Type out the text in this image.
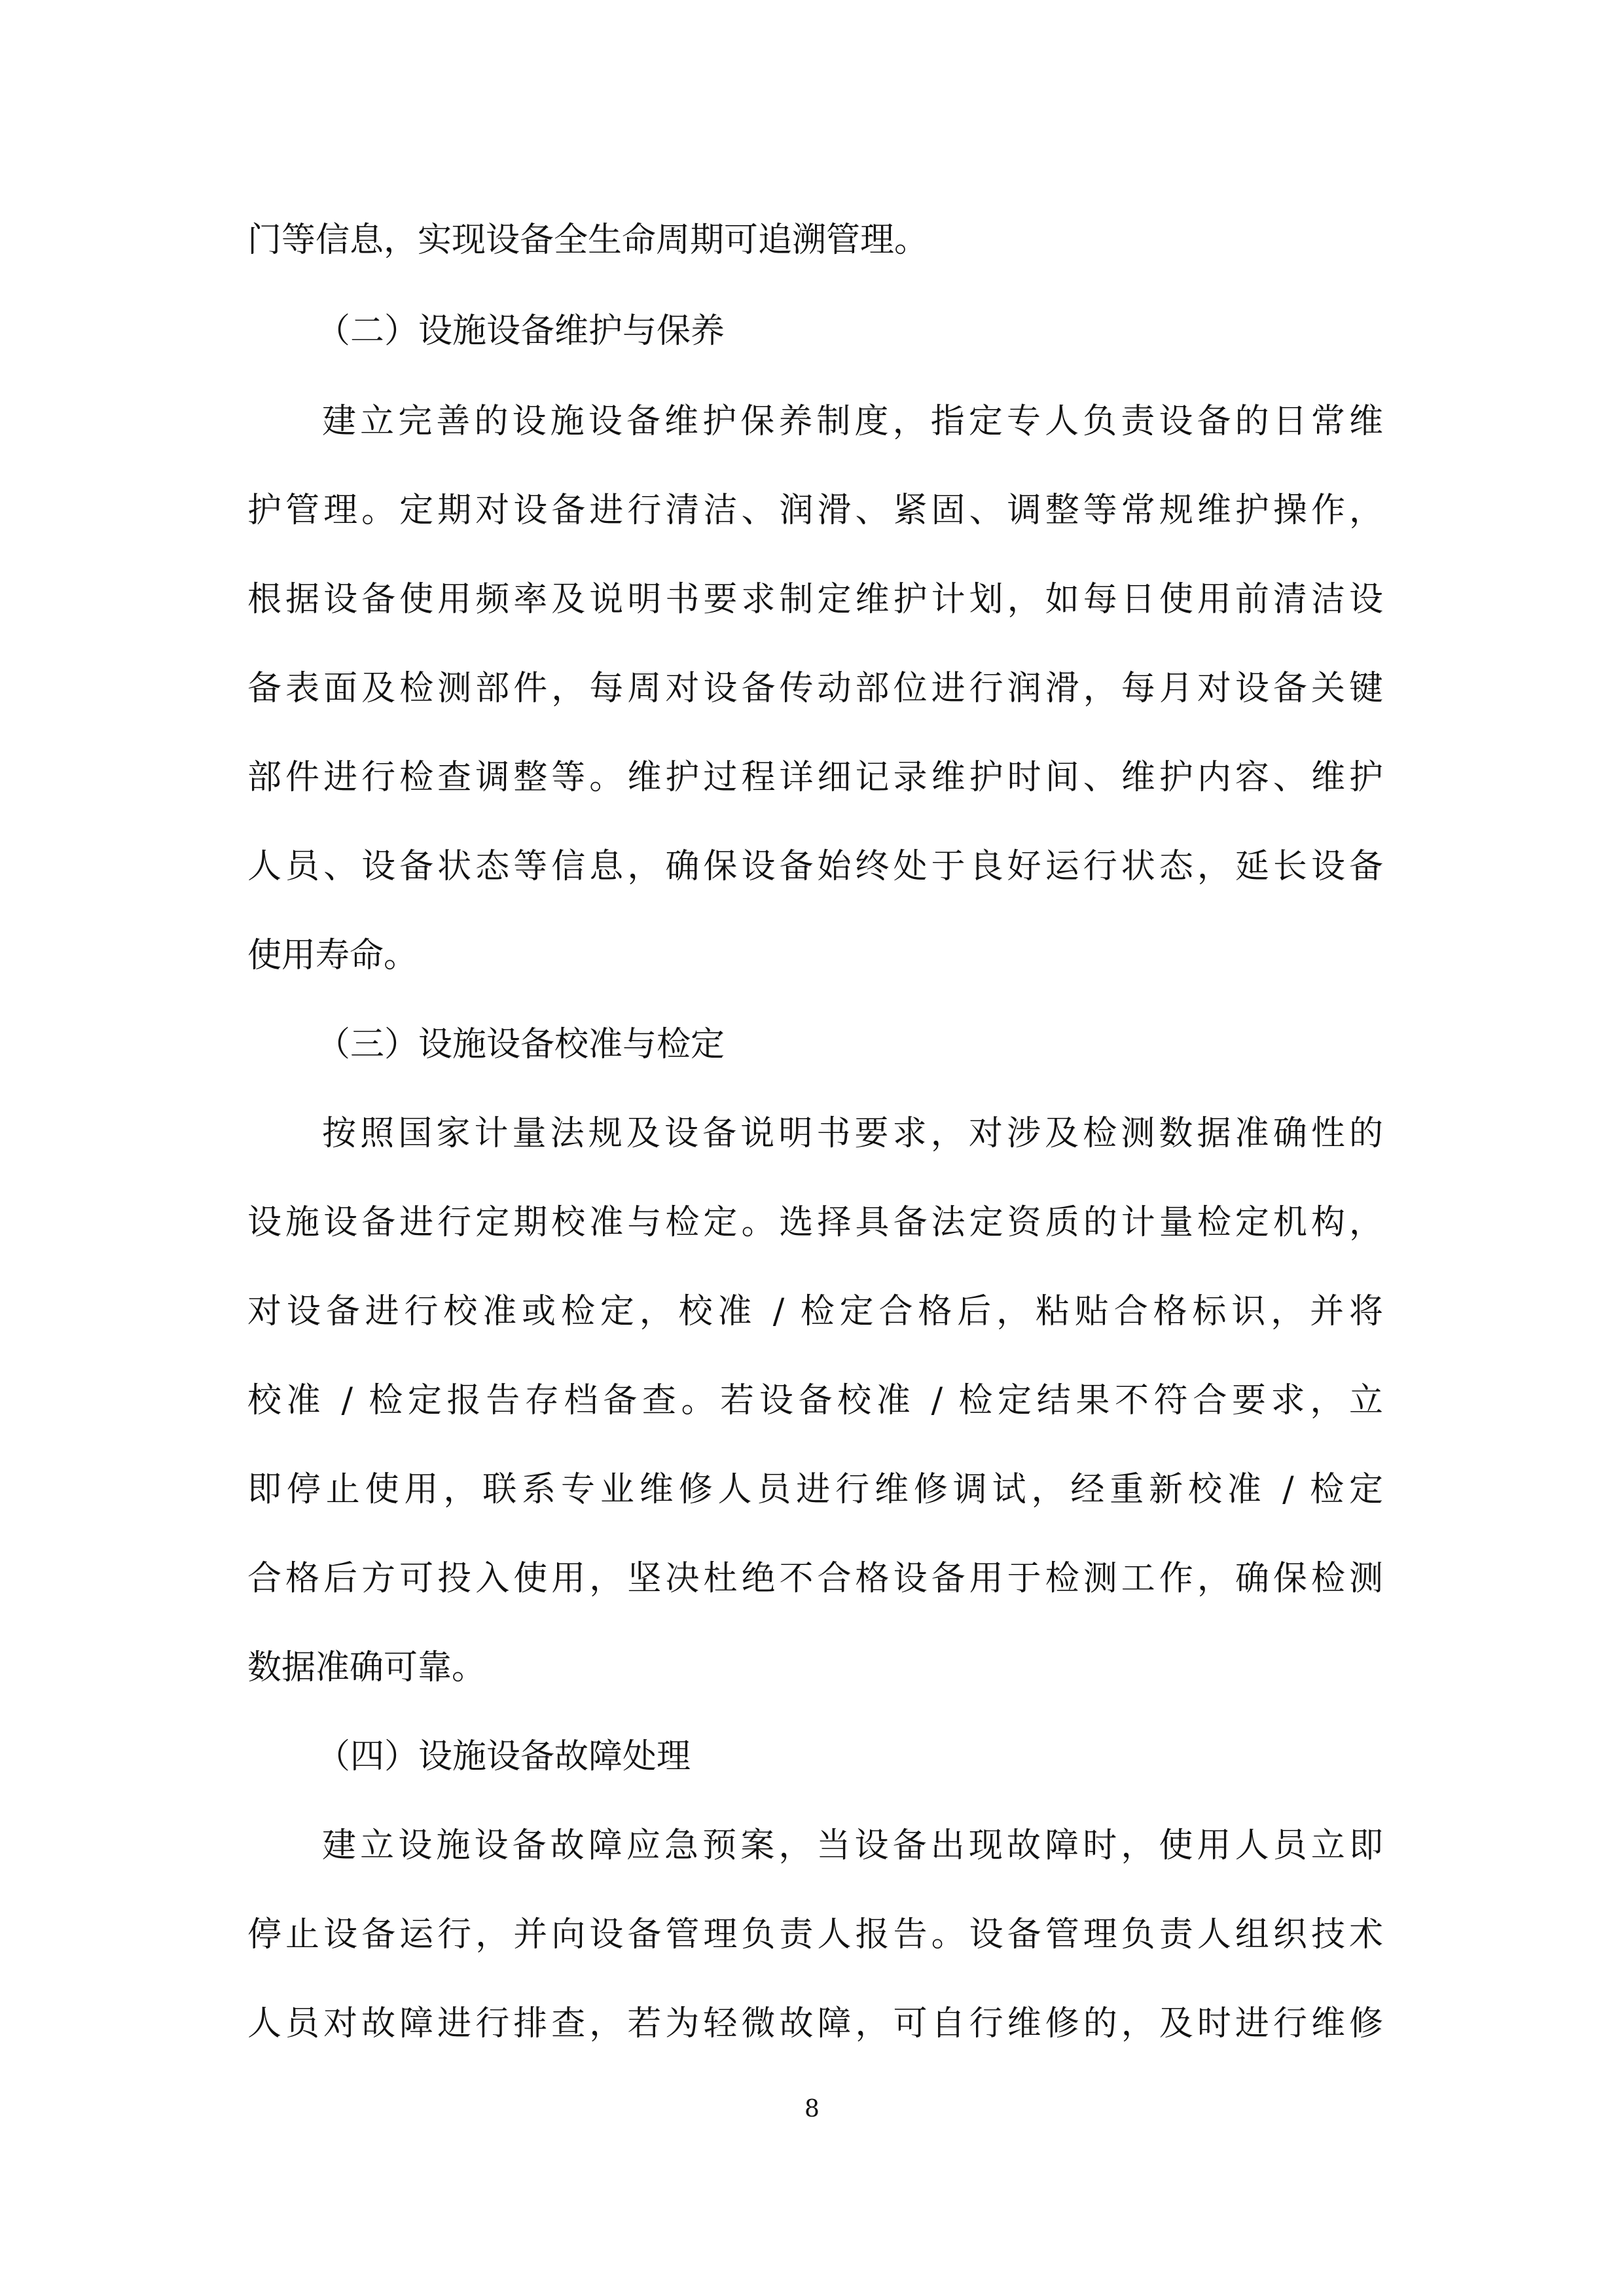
门等信息，实现设备全生命周期可追溯管理。
（二）设施设备维护与保养
建立完善的设施设备维护保养制度，指定专人负责设备的日常维
护管理。定期对设备进行清洁、润滑、紧固、调整等常规维护操作，
根据设备使用频率及说明书要求制定维护计划，如每日使用前清洁设
备表面及检测部件，每周对设备传动部位进行润滑，每月对设备关键
部件进行检查调整等。维护过程详细记录维护时间、维护内容、维护
人员、设备状态等信息，确保设备始终处于良好运行状态，延长设备
使用寿命。
（三）设施设备校准与检定
按照国家计量法规及设备说明书要求，对涉及检测数据准确性的
设施设备进行定期校准与检定。选择具备法定资质的计量检定机构，
对设备进行校准或检定，校准 / 检定合格后，粘贴合格标识，并将
校准 / 检定报告存档备查。若设备校准 / 检定结果不符合要求，立
即停止使用，联系专业维修人员进行维修调试，经重新校准 / 检定
合格后方可投入使用，坚决杜绝不合格设备用于检测工作，确保检测
数据准确可靠。
（四）设施设备故障处理
建立设施设备故障应急预案，当设备出现故障时，使用人员立即
停止设备运行，并向设备管理负责人报告。设备管理负责人组织技术
人员对故障进行排查，若为轻微故障，可自行维修的，及时进行维修
8
